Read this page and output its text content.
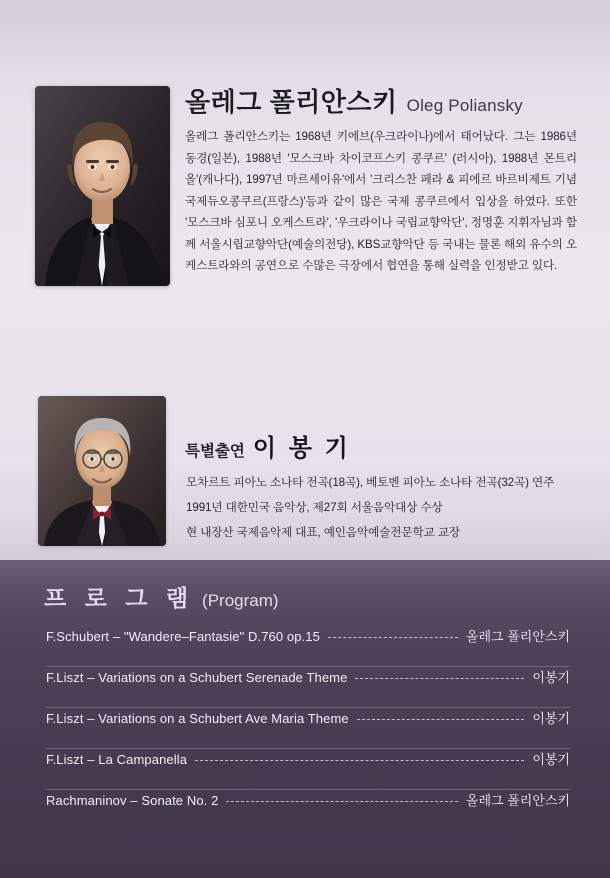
올레그 폴리안스키 Oleg Poliansky
올레그 폴리안스키는 1968년 키에브(우크라이나)에서 태어났다. 그는 1986년 동경(일본), 1988년 '모스크바 차이코프스키 콩쿠르' (러시아), 1988년 몬트리올'(캐나다), 1997년 마르세이유'에서 '크리스찬 페라 & 피에르 바르비제트 기념 국제듀오콩쿠르(프랑스)'등과 같이 많은 국제 콩쿠르에서 입상을 하였다. 또한 '모스크바 심포니 오케스트라', '우크라이나 국립교향악단', 정명훈 지휘자님과 함께 서울시립교향악단(예술의전당), KBS교향악단 등 국내는 물론 해외 유수의 오케스트라와의 공연으로 수많은 극장에서 협연을 통해 실력을 인정받고 있다.
특별출연 이 봉 기
모차르트 피아노 소나타 전곡(18곡), 베토벤 피아노 소나타 전곡(32곡) 연주
1991년 대한민국 음악상, 제27회 서울음악대상 수상
현 내장산 국제음악제 대표, 예인음악예술전문학교 교장
프 로 그 램 (Program)
F.Schubert – "Wandere–Fantasie" D.760 op.15	올레그 폴리안스키
F.Liszt – Variations on a Schubert Serenade Theme	이봉기
F.Liszt – Variations on a Schubert Ave Maria Theme	이봉기
F.Liszt – La Campanella	이봉기
Rachmaninov – Sonate No. 2	올레그 폴리안스키
